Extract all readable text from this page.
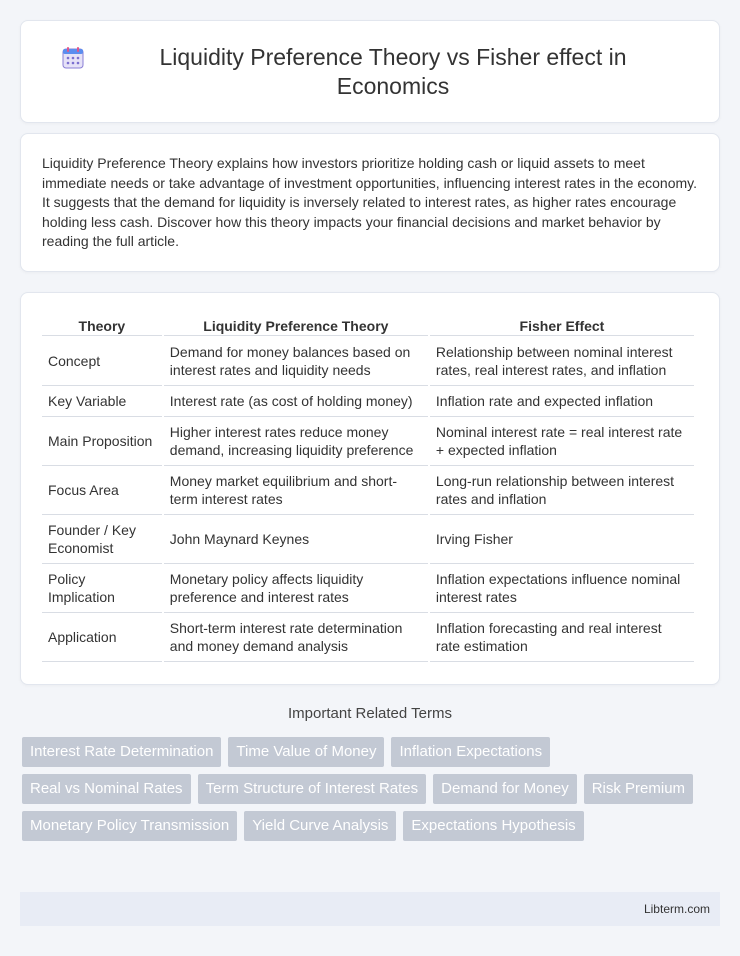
Liquidity Preference Theory vs Fisher effect in Economics

Liquidity Preference Theory explains how investors prioritize holding cash or liquid assets to meet immediate needs or take advantage of investment opportunities, influencing interest rates in the economy. It suggests that the demand for liquidity is inversely related to interest rates, as higher rates encourage holding less cash. Discover how this theory impacts your financial decisions and market behavior by reading the full article.

Theory	Liquidity Preference Theory	Fisher Effect
Concept	Demand for money balances based on interest rates and liquidity needs	Relationship between nominal interest rates, real interest rates, and inflation
Key Variable	Interest rate (as cost of holding money)	Inflation rate and expected inflation
Main Proposition	Higher interest rates reduce money demand, increasing liquidity preference	Nominal interest rate = real interest rate + expected inflation
Focus Area	Money market equilibrium and short-term interest rates	Long-run relationship between interest rates and inflation
Founder / Key Economist	John Maynard Keynes	Irving Fisher
Policy Implication	Monetary policy affects liquidity preference and interest rates	Inflation expectations influence nominal interest rates
Application	Short-term interest rate determination and money demand analysis	Inflation forecasting and real interest rate estimation
Important Related Terms
Interest Rate Determination	Time Value of Money	Inflation Expectations
Real vs Nominal Rates	Term Structure of Interest Rates	Demand for Money	Risk Premium
Monetary Policy Transmission	Yield Curve Analysis	Expectations Hypothesis
Libterm.com
